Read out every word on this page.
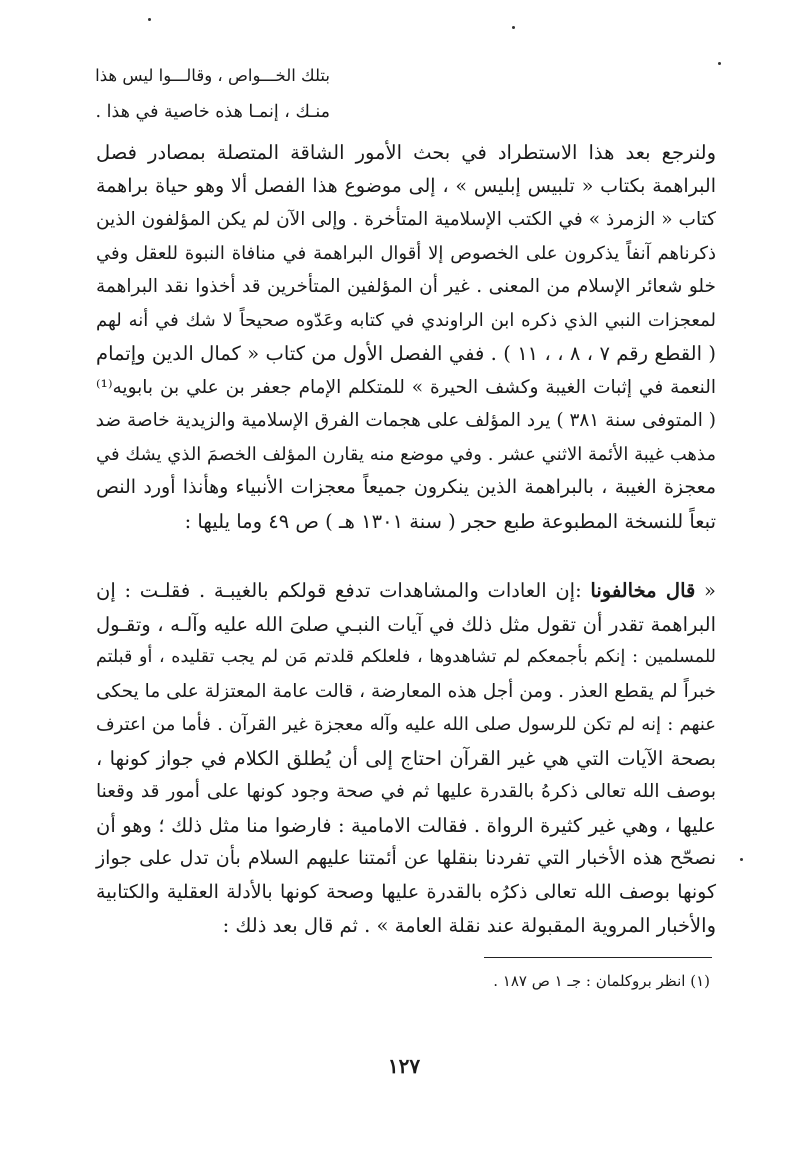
بتلك الخـــواص ، وقالـــوا ليس هذا
منـك ، إنمـا هذه خاصية في هذا .
ولنرجع بعد هذا الاستطراد في بحث الأمور الشاقة المتصلة بمصادر فصل
البراهمة بكتاب « تلبيس إبليس » ، إلى موضوع هذا الفصل ألا وهو حياة براهمة
كتاب « الزمرذ » في الكتب الإسلامية المتأخرة . وإلى الآن لم يكن المؤلفون الذين
ذكرناهم آنفاً يذكرون على الخصوص إلا أقوال البراهمة في منافاة النبوة للعقل وفي
خلو شعائر الإسلام من المعنى . غير أن المؤلفين المتأخرين قد أخذوا نقد البراهمة
لمعجزات النبي الذي ذكره ابن الراوندي في كتابه وعَدّوه صحيحاً لا شك في أنه لهم
( القطع رقم ٧ ، ٨ ، ، ١١ ) . ففي الفصل الأول من كتاب « كمال الدين وإتمام
النعمة في إثبات الغيبة وكشف الحيرة » للمتكلم الإمام جعفر بن علي بن بابويه⁽¹⁾
( المتوفى سنة ٣٨١ ) يرد المؤلف على هجمات الفرق الإسلامية والزيدية خاصة ضد
مذهب غيبة الأئمة الاثني عشر . وفي موضع منه يقارن المؤلف الخصمَ الذي يشك في
معجزة الغيبة ، بالبراهمة الذين ينكرون جميعاً معجزات الأنبياء وهأنذا أورد النص
تبعاً للنسخة المطبوعة طبع حجر ( سنة ١٣٠١ هـ ) ص ٤٩ وما يليها :
« قال مخالفونا :إن العادات والمشاهدات تدفع قولكم بالغيبـة . فقلـت : إن
البراهمة تقدر أن تقول مثل ذلك في آيات النبـي صلىَ الله عليه وآلـه ، وتقـول
للمسلمين : إنكم بأجمعكم لم تشاهدوها ، فلعلكم قلدتم مَن لم يجب تقليده ، أو قبلتم
خبراً لم يقطع العذر . ومن أجل هذه المعارضة ، قالت عامة المعتزلة على ما يحكى
عنهم : إنه لم تكن للرسول صلى الله عليه وآله معجزة غير القرآن . فأما من اعترف
بصحة الآيات التي هي غير القرآن احتاج إلى أن يُطلق الكلام في جواز كونها ،
بوصف الله تعالى ذكرهُ بالقدرة عليها ثم في صحة وجود كونها على أمور قد وقعنا
عليها ، وهي غير كثيرة الرواة . فقالت الامامية : فارضوا منا مثل ذلك ؛ وهو أن
نصحّح هذه الأخبار التي تفردنا بنقلها عن أئمتنا عليهم السلام بأن تدل على جواز
كونها بوصف الله تعالى ذكرُه بالقدرة عليها وصحة كونها بالأدلة العقلية والكتابية
والأخبار المروية المقبولة عند نقلة العامة » . ثم قال بعد ذلك :
(١) انظر بروكلمان : جـ ١ ص ١٨٧ .
١٢٧
